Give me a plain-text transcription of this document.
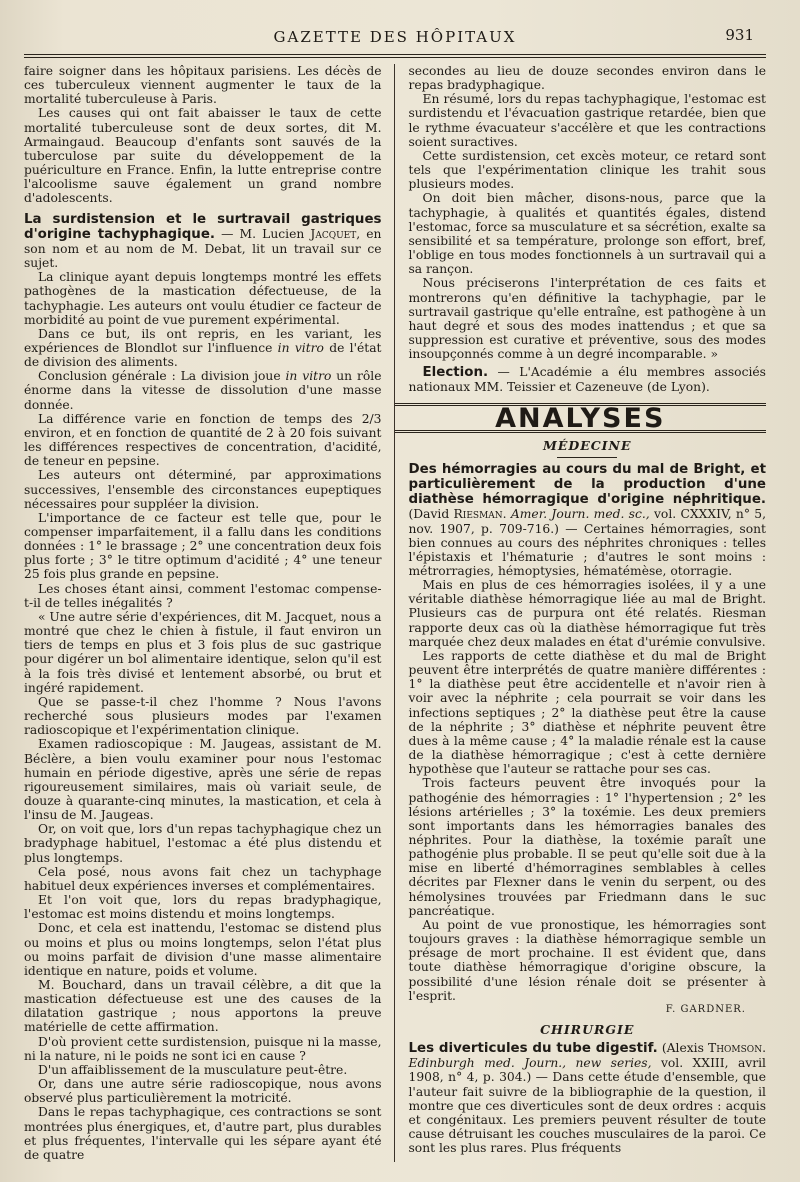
GAZETTE DES HÔPITAUX	931

faire soigner dans les hôpitaux parisiens. Les décès de ces tuberculeux viennent augmenter le taux de la mortalité tuberculeuse à Paris.

Les causes qui ont fait abaisser le taux de cette mortalité tuberculeuse sont de deux sortes, dit M. Armaingaud. Beaucoup d'enfants sont sauvés de la tuberculose par suite du développement de la puériculture en France. Enfin, la lutte entreprise contre l'alcoolisme sauve également un grand nombre d'adolescents.

La surdistension et le surtravail gastriques d'origine tachyphagique. — M. Lucien Jacquet, en son nom et au nom de M. Debat, lit un travail sur ce sujet.

La clinique ayant depuis longtemps montré les effets pathogènes de la mastication défectueuse, de la tachyphagie. Les auteurs ont voulu étudier ce facteur de morbidité au point de vue purement expérimental.

Dans ce but, ils ont repris, en les variant, les expériences de Blondlot sur l'influence in vitro de l'état de division des aliments.

Conclusion générale : La division joue in vitro un rôle énorme dans la vitesse de dissolution d'une masse donnée.

La différence varie en fonction de temps des 2/3 environ, et en fonction de quantité de 2 à 20 fois suivant les différences respectives de concentration, d'acidité, de teneur en pepsine.

Les auteurs ont déterminé, par approximations successives, l'ensemble des circonstances eupeptiques nécessaires pour suppléer la division.

L'importance de ce facteur est telle que, pour le compenser imparfaitement, il a fallu dans les conditions données : 1° le brassage ; 2° une concentration deux fois plus forte ; 3° le titre optimum d'acidité ; 4° une teneur 25 fois plus grande en pepsine.

Les choses étant ainsi, comment l'estomac compense-t-il de telles inégalités ?

« Une autre série d'expériences, dit M. Jacquet, nous a montré que chez le chien à fistule, il faut environ un tiers de temps en plus et 3 fois plus de suc gastrique pour digérer un bol alimentaire identique, selon qu'il est à la fois très divisé et lentement absorbé, ou brut et ingéré rapidement.

Que se passe-t-il chez l'homme ? Nous l'avons recherché sous plusieurs modes par l'examen radioscopique et l'expérimentation clinique.

Examen radioscopique : M. Jaugeas, assistant de M. Béclère, a bien voulu examiner pour nous l'estomac humain en période digestive, après une série de repas rigoureusement similaires, mais où variait seule, de douze à quarante-cinq minutes, la mastication, et cela à l'insu de M. Jaugeas.

Or, on voit que, lors d'un repas tachyphagique chez un bradyphage habituel, l'estomac a été plus distendu et plus longtemps.

Cela posé, nous avons fait chez un tachyphage habituel deux expériences inverses et complémentaires.

Et l'on voit que, lors du repas bradyphagique, l'estomac est moins distendu et moins longtemps.

Donc, et cela est inattendu, l'estomac se distend plus ou moins et plus ou moins longtemps, selon l'état plus ou moins parfait de division d'une masse alimentaire identique en nature, poids et volume.

M. Bouchard, dans un travail célèbre, a dit que la mastication défectueuse est une des causes de la dilatation gastrique ; nous apportons la preuve matérielle de cette affirmation.

D'où provient cette surdistension, puisque ni la masse, ni la nature, ni le poids ne sont ici en cause ?

D'un affaiblissement de la musculature peut-être.

Or, dans une autre série radioscopique, nous avons observé plus particulièrement la motricité.

Dans le repas tachyphagique, ces contractions se sont montrées plus énergiques, et, d'autre part, plus durables et plus fréquentes, l'intervalle qui les sépare ayant été de quatre

secondes au lieu de douze secondes environ dans le repas bradyphagique.

En résumé, lors du repas tachyphagique, l'estomac est surdistendu et l'évacuation gastrique retardée, bien que le rythme évacuateur s'accélère et que les contractions soient suractives.

Cette surdistension, cet excès moteur, ce retard sont tels que l'expérimentation clinique les trahit sous plusieurs modes.

On doit bien mâcher, disons-nous, parce que la tachyphagie, à qualités et quantités égales, distend l'estomac, force sa musculature et sa sécrétion, exalte sa sensibilité et sa température, prolonge son effort, bref, l'oblige en tous modes fonctionnels à un surtravail qui a sa rançon.

Nous préciserons l'interprétation de ces faits et montrerons qu'en définitive la tachyphagie, par le surtravail gastrique qu'elle entraîne, est pathogène à un haut degré et sous des modes inattendus ; et que sa suppression est curative et préventive, sous des modes insoupçonnés comme à un degré incomparable. »

Election. — L'Académie a élu membres associés nationaux MM. Teissier et Cazeneuve (de Lyon).

ANALYSES
MÉDECINE

Des hémorragies au cours du mal de Bright, et particulièrement de la production d'une diathèse hémorragique d'origine néphritique. (David Riesman. Amer. Journ. med. sc., vol. CXXXIV, n° 5, nov. 1907, p. 709-716.) — Certaines hémorragies, sont bien connues au cours des néphrites chroniques : telles l'épistaxis et l'hématurie ; d'autres le sont moins : métrorragies, hémoptysies, hématémèse, otorragie.

Mais en plus de ces hémorragies isolées, il y a une véritable diathèse hémorragique liée au mal de Bright. Plusieurs cas de purpura ont été relatés. Riesman rapporte deux cas où la diathèse hémorragique fut très marquée chez deux malades en état d'urémie convulsive.

Les rapports de cette diathèse et du mal de Bright peuvent être interprétés de quatre manière différentes : 1° la diathèse peut être accidentelle et n'avoir rien à voir avec la néphrite ; cela pourrait se voir dans les infections septiques ; 2° la diathèse peut être la cause de la néphrite ; 3° diathèse et néphrite peuvent être dues à la même cause ; 4° la maladie rénale est la cause de la diathèse hémorragique ; c'est à cette dernière hypothèse que l'auteur se rattache pour ses cas.

Trois facteurs peuvent être invoqués pour la pathogénie des hémorragies : 1° l'hypertension ; 2° les lésions artérielles ; 3° la toxémie. Les deux premiers sont importants dans les hémorragies banales des néphrites. Pour la diathèse, la toxémie paraît une pathogénie plus probable. Il se peut qu'elle soit due à la mise en liberté d'hémorragines semblables à celles décrites par Flexner dans le venin du serpent, ou des hémolysines trouvées par Friedmann dans le suc pancréatique.

Au point de vue pronostique, les hémorragies sont toujours graves : la diathèse hémorragique semble un présage de mort prochaine. Il est évident que, dans toute diathèse hémorragique d'origine obscure, la possibilité d'une lésion rénale doit se présenter à l'esprit.

F. GARDNER.
CHIRURGIE

Les diverticules du tube digestif. (Alexis Thomson. Edinburgh med. Journ., new series, vol. XXIII, avril 1908, n° 4, p. 304.) — Dans cette étude d'ensemble, que l'auteur fait suivre de la bibliographie de la question, il montre que ces diverticules sont de deux ordres : acquis et congénitaux. Les premiers peuvent résulter de toute cause détruisant les couches musculaires de la paroi. Ce sont les plus rares. Plus fréquents
